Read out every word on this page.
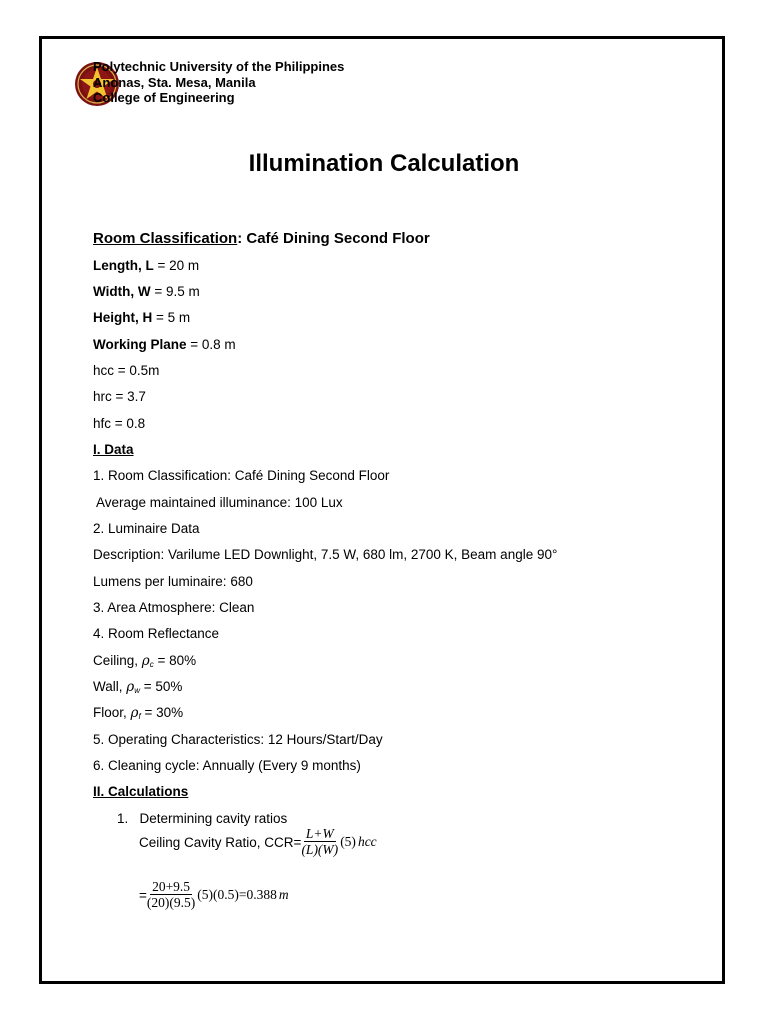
Polytechnic University of the Philippines
Anonas, Sta. Mesa, Manila
College of Engineering
Illumination Calculation
Room Classification: Café Dining Second Floor
Length, L = 20 m
Width, W = 9.5 m
Height, H = 5 m
Working Plane = 0.8 m
hcc = 0.5m
hrc = 3.7
hfc = 0.8
I. Data
1. Room Classification: Café Dining Second Floor
Average maintained illuminance: 100 Lux
2. Luminaire Data
Description: Varilume LED Downlight, 7.5 W, 680 lm, 2700 K, Beam angle 90°
Lumens per luminaire: 680
3. Area Atmosphere: Clean
4. Room Reflectance
Ceiling, $\rho_c = 80\%$
Wall, $\rho_w = 50\%$
Floor, $\rho_f = 30\%$
5. Operating Characteristics: 12 Hours/Start/Day
6. Cleaning cycle: Annually (Every 9 months)
II. Calculations
1.   Determining cavity ratios
Ceiling Cavity Ratio, $CCR= \frac{L+W}{(L)(W)} (5)$ hcc
= $\frac{20+9.5}{(20)(9.5)} (5)(0.5)=0.388$ m
